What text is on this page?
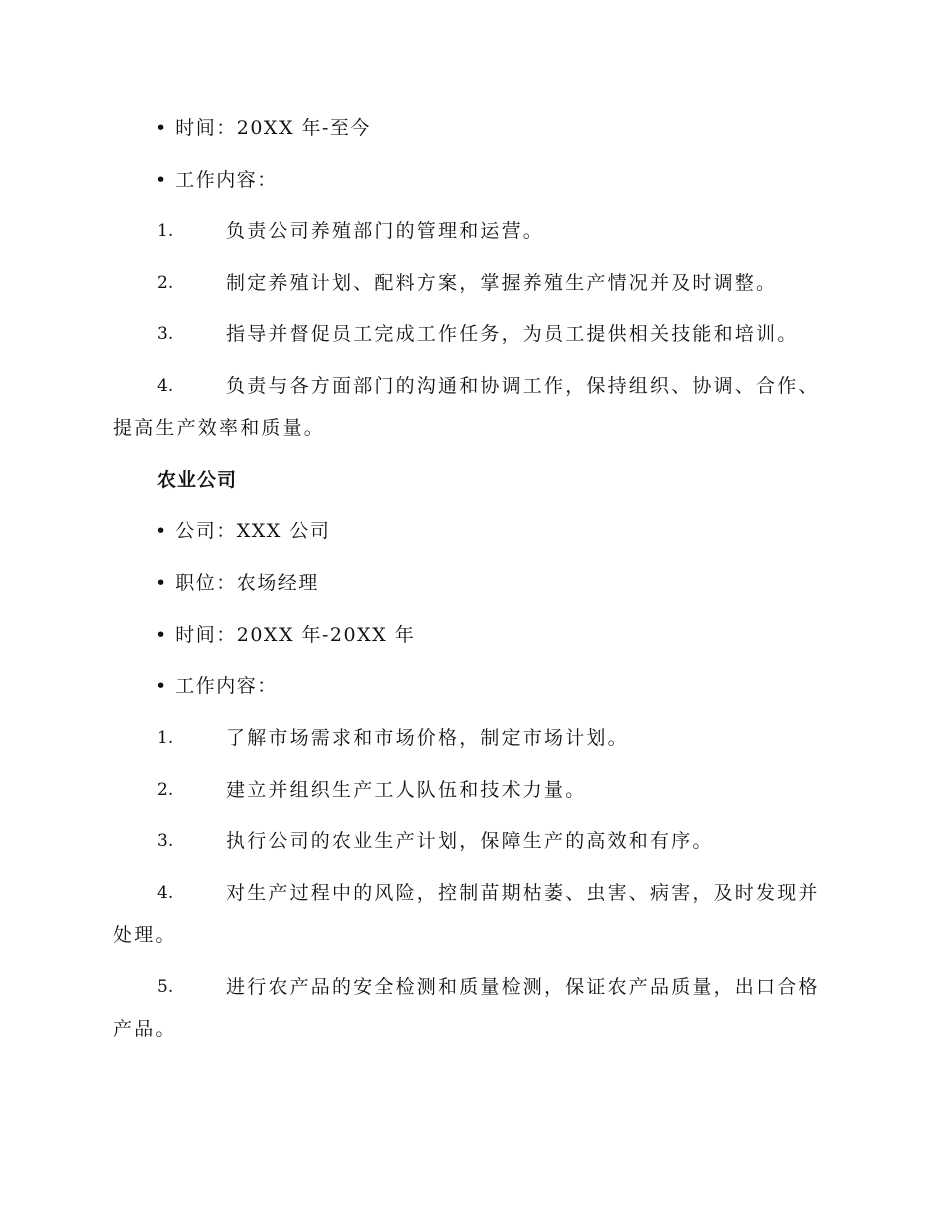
• 时间：20XX 年-至今
• 工作内容：
1.	负责公司养殖部门的管理和运营。
2.	制定养殖计划、配料方案，掌握养殖生产情况并及时调整。
3.	指导并督促员工完成工作任务，为员工提供相关技能和培训。
4.	负责与各方面部门的沟通和协调工作，保持组织、协调、合作、
提高生产效率和质量。
农业公司
• 公司：XXX 公司
• 职位：农场经理
• 时间：20XX 年-20XX 年
• 工作内容：
1.	了解市场需求和市场价格，制定市场计划。
2.	建立并组织生产工人队伍和技术力量。
3.	执行公司的农业生产计划，保障生产的高效和有序。
4.	对生产过程中的风险，控制苗期枯萎、虫害、病害，及时发现并
处理。
5.	进行农产品的安全检测和质量检测，保证农产品质量，出口合格
产品。
